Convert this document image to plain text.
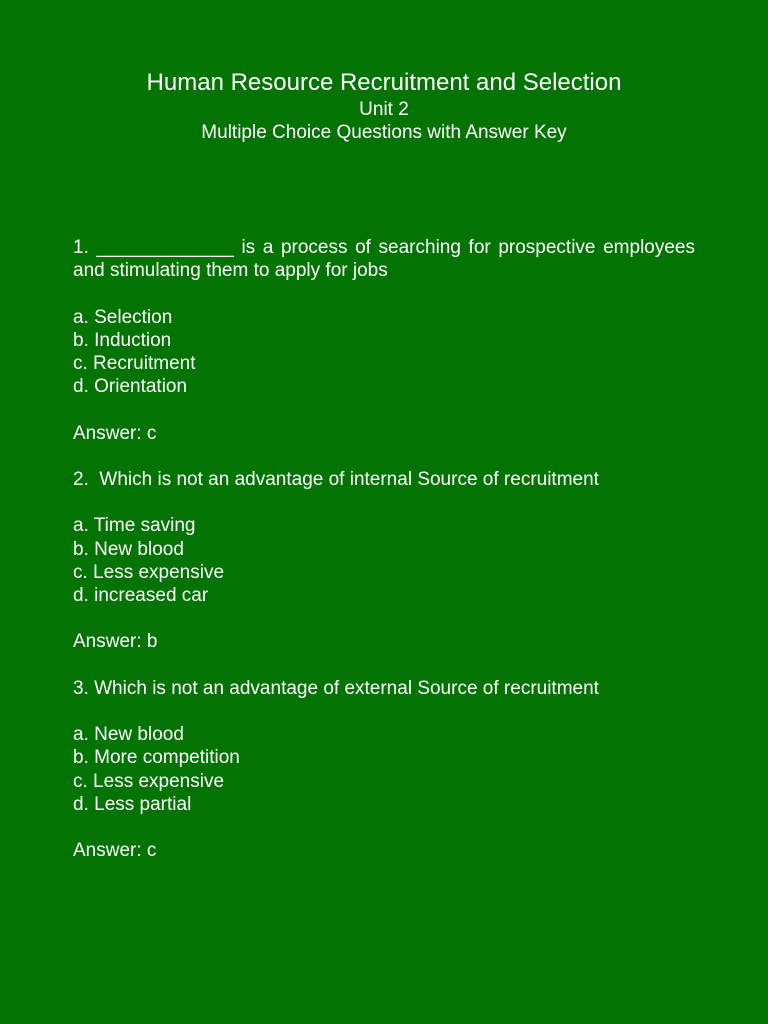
Human Resource Recruitment and Selection
Unit 2
Multiple Choice Questions with Answer Key

1. _____________ is a process of searching for prospective employees and stimulating them to apply for jobs

a. Selection
b. Induction
c. Recruitment
d. Orientation

Answer: c

2.  Which is not an advantage of internal Source of recruitment

a. Time saving
b. New blood
c. Less expensive
d. increased car

Answer: b

3. Which is not an advantage of external Source of recruitment

a. New blood
b. More competition
c. Less expensive
d. Less partial

Answer: c
